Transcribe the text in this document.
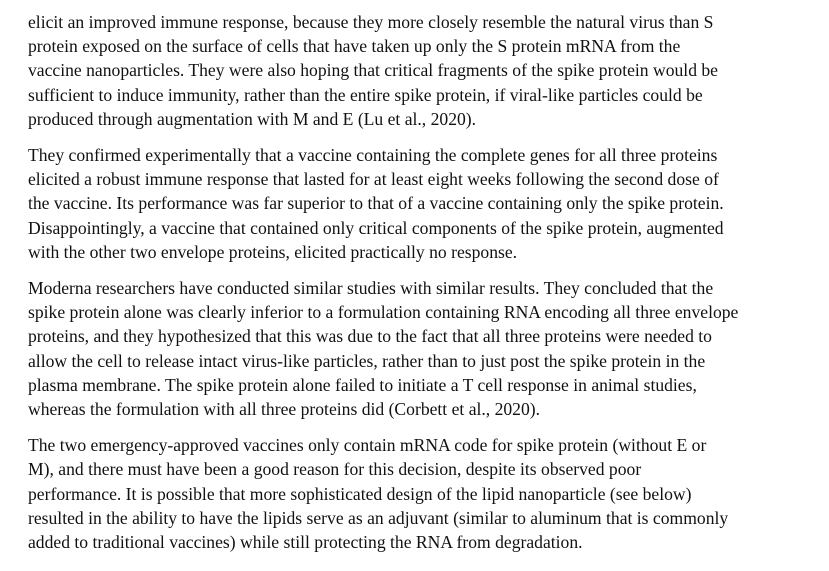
elicit an improved immune response, because they more closely resemble the natural virus than S
protein exposed on the surface of cells that have taken up only the S protein mRNA from the
vaccine nanoparticles. They were also hoping that critical fragments of the spike protein would be
sufficient to induce immunity, rather than the entire spike protein, if viral-like particles could be
produced through augmentation with M and E (Lu et al., 2020).

They confirmed experimentally that a vaccine containing the complete genes for all three proteins
elicited a robust immune response that lasted for at least eight weeks following the second dose of
the vaccine. Its performance was far superior to that of a vaccine containing only the spike protein.
Disappointingly, a vaccine that contained only critical components of the spike protein, augmented
with the other two envelope proteins, elicited practically no response.

Moderna researchers have conducted similar studies with similar results. They concluded that the
spike protein alone was clearly inferior to a formulation containing RNA encoding all three envelope
proteins, and they hypothesized that this was due to the fact that all three proteins were needed to
allow the cell to release intact virus-like particles, rather than to just post the spike protein in the
plasma membrane. The spike protein alone failed to initiate a T cell response in animal studies,
whereas the formulation with all three proteins did (Corbett et al., 2020).

The two emergency-approved vaccines only contain mRNA code for spike protein (without E or
M), and there must have been a good reason for this decision, despite its observed poor
performance. It is possible that more sophisticated design of the lipid nanoparticle (see below)
resulted in the ability to have the lipids serve as an adjuvant (similar to aluminum that is commonly
added to traditional vaccines) while still protecting the RNA from degradation.
